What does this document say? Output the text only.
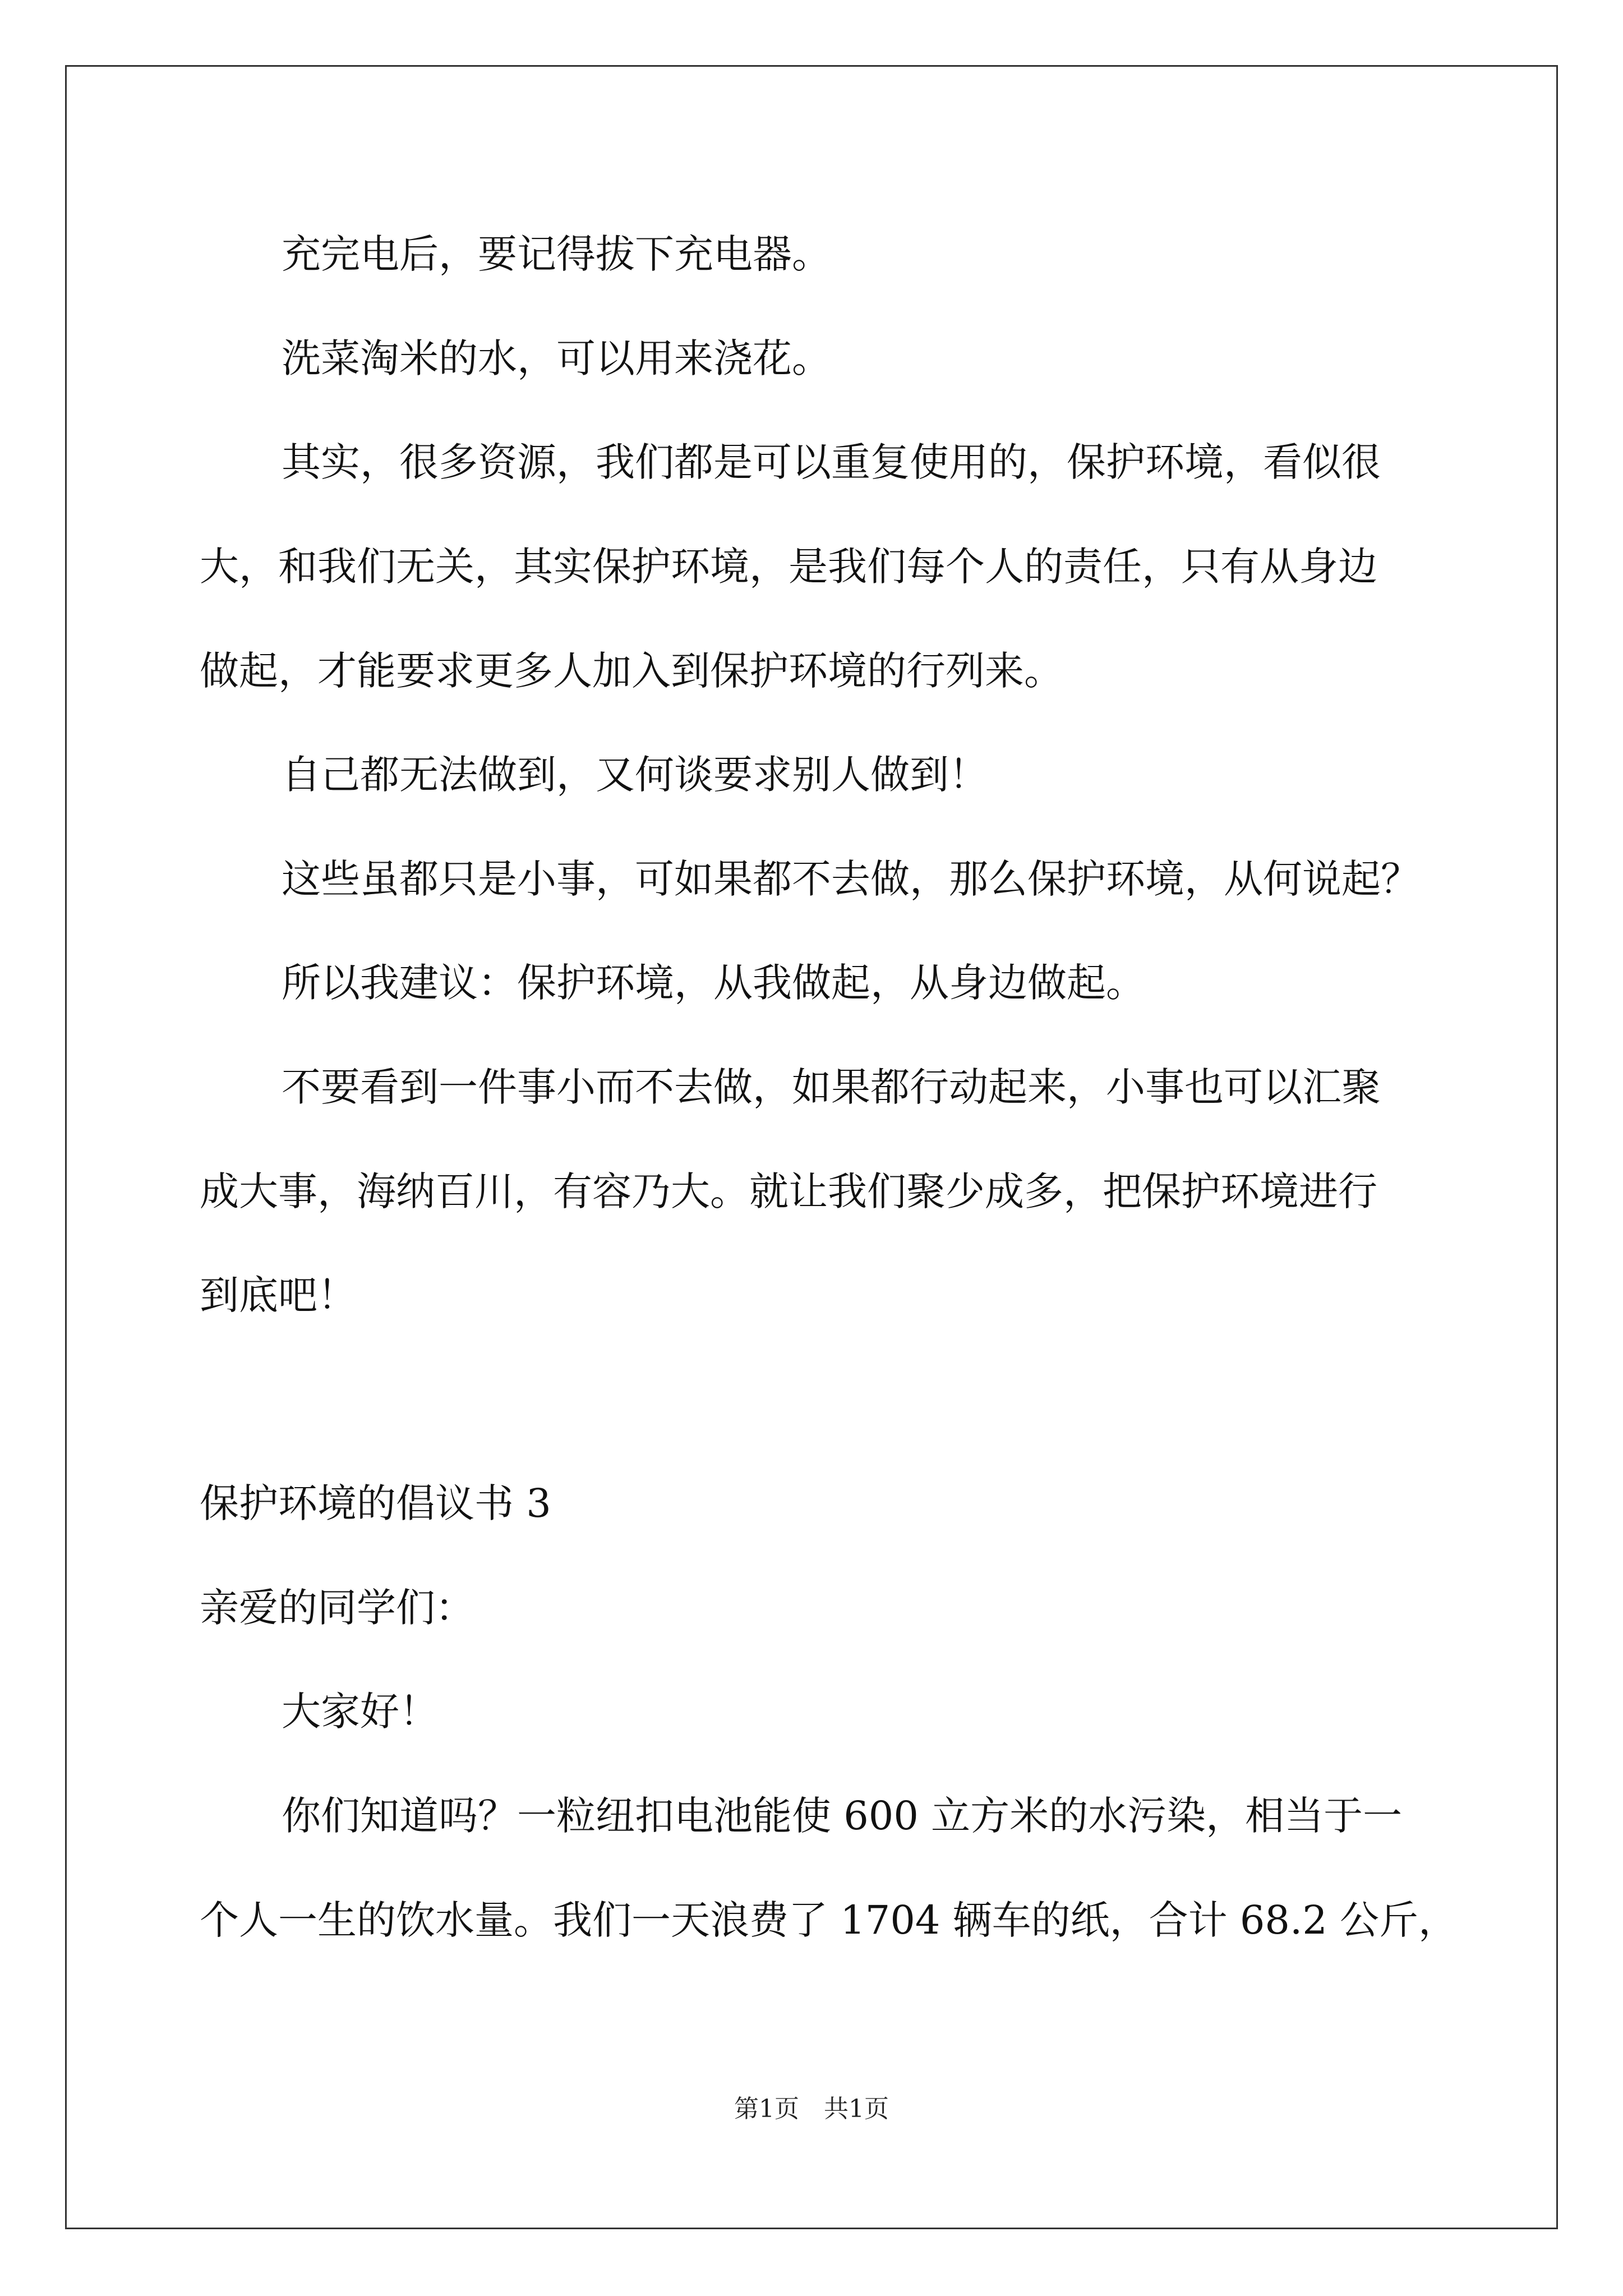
充完电后，要记得拔下充电器。

洗菜淘米的水，可以用来浇花。

其实，很多资源，我们都是可以重复使用的，保护环境，看似很

大，和我们无关，其实保护环境，是我们每个人的责任，只有从身边

做起，才能要求更多人加入到保护环境的行列来。

自己都无法做到，又何谈要求别人做到！

这些虽都只是小事，可如果都不去做，那么保护环境，从何说起？

所以我建议：保护环境，从我做起，从身边做起。

不要看到一件事小而不去做，如果都行动起来，小事也可以汇聚

成大事，海纳百川，有容乃大。就让我们聚少成多，把保护环境进行

到底吧！

保护环境的倡议书 3

亲爱的同学们：

大家好！

你们知道吗？一粒纽扣电池能使 600 立方米的水污染，相当于一

个人一生的饮水量。我们一天浪费了 1704 辆车的纸，合计 68.2 公斤，

第1页 共1页
